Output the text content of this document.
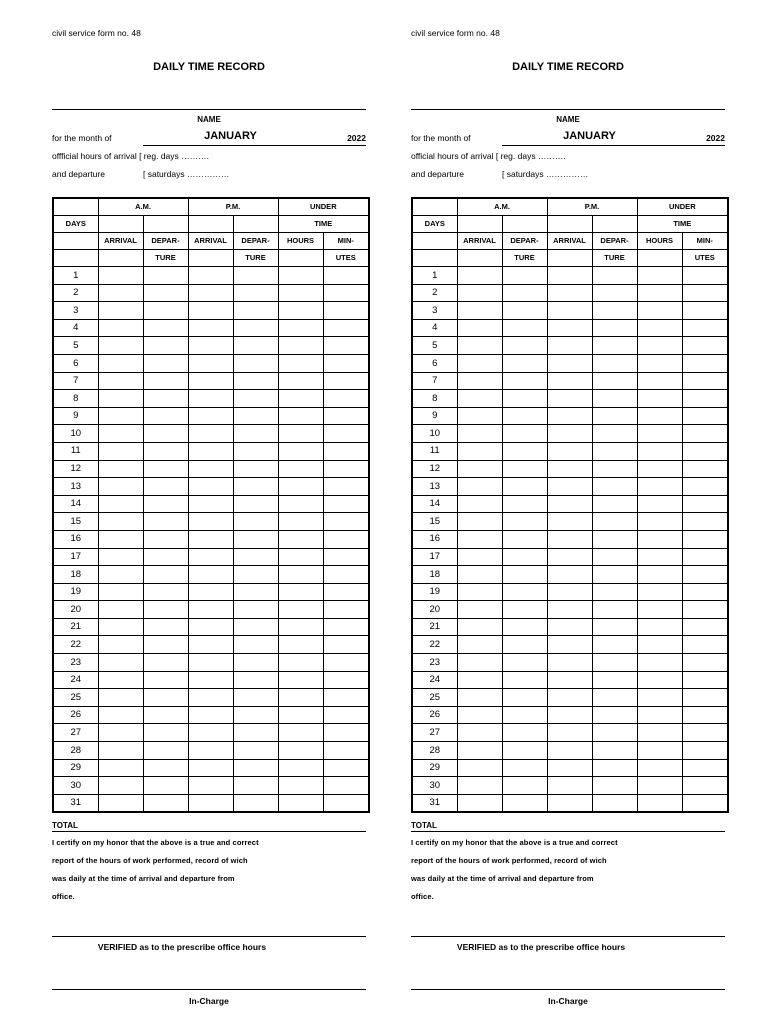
civil service form no. 48
DAILY TIME RECORD
NAME
for the month of	JANUARY	2022
offficial hours of arrival [ reg. days ……….
and departure	[ saturdays ……………
	A.M.		P.M.		UNDER	
DAYS					TIME	
	ARRIVAL	DEPAR-	ARRIVAL	DEPAR-	HOURS	MIN-
		TURE		TURE		UTES
1						
2						
3						
4						
5						
6						
7						
8						
9						
10						
11						
12						
13						
14						
15						
16						
17						
18						
19						
20						
21						
22						
23						
24						
25						
26						
27						
28						
29						
30						
31						
TOTAL
I certify on my honor that the above is a true and correct
report of the hours of work performed, record of wich
was daily at the time of arrival and departure from
office.
VERIFIED as to the prescribe office hours
In-Charge
civil service form no. 48
DAILY TIME RECORD
NAME
for the month of	JANUARY	2022
official hours of arrival [ reg. days ……….
and departure	[ saturdays ……………
	A.M.		P.M.		UNDER	
DAYS					TIME	
	ARRIVAL	DEPAR-	ARRIVAL	DEPAR-	HOURS	MIN-
		TURE		TURE		UTES
1						
2						
3						
4						
5						
6						
7						
8						
9						
10						
11						
12						
13						
14						
15						
16						
17						
18						
19						
20						
21						
22						
23						
24						
25						
26						
27						
28						
29						
30						
31						
TOTAL
I certify on my honor that the above is a true and correct
report of the hours of work performed, record of wich
was daily at the time of arrival and departure from
office.
VERIFIED as to the prescribe office hours
In-Charge
